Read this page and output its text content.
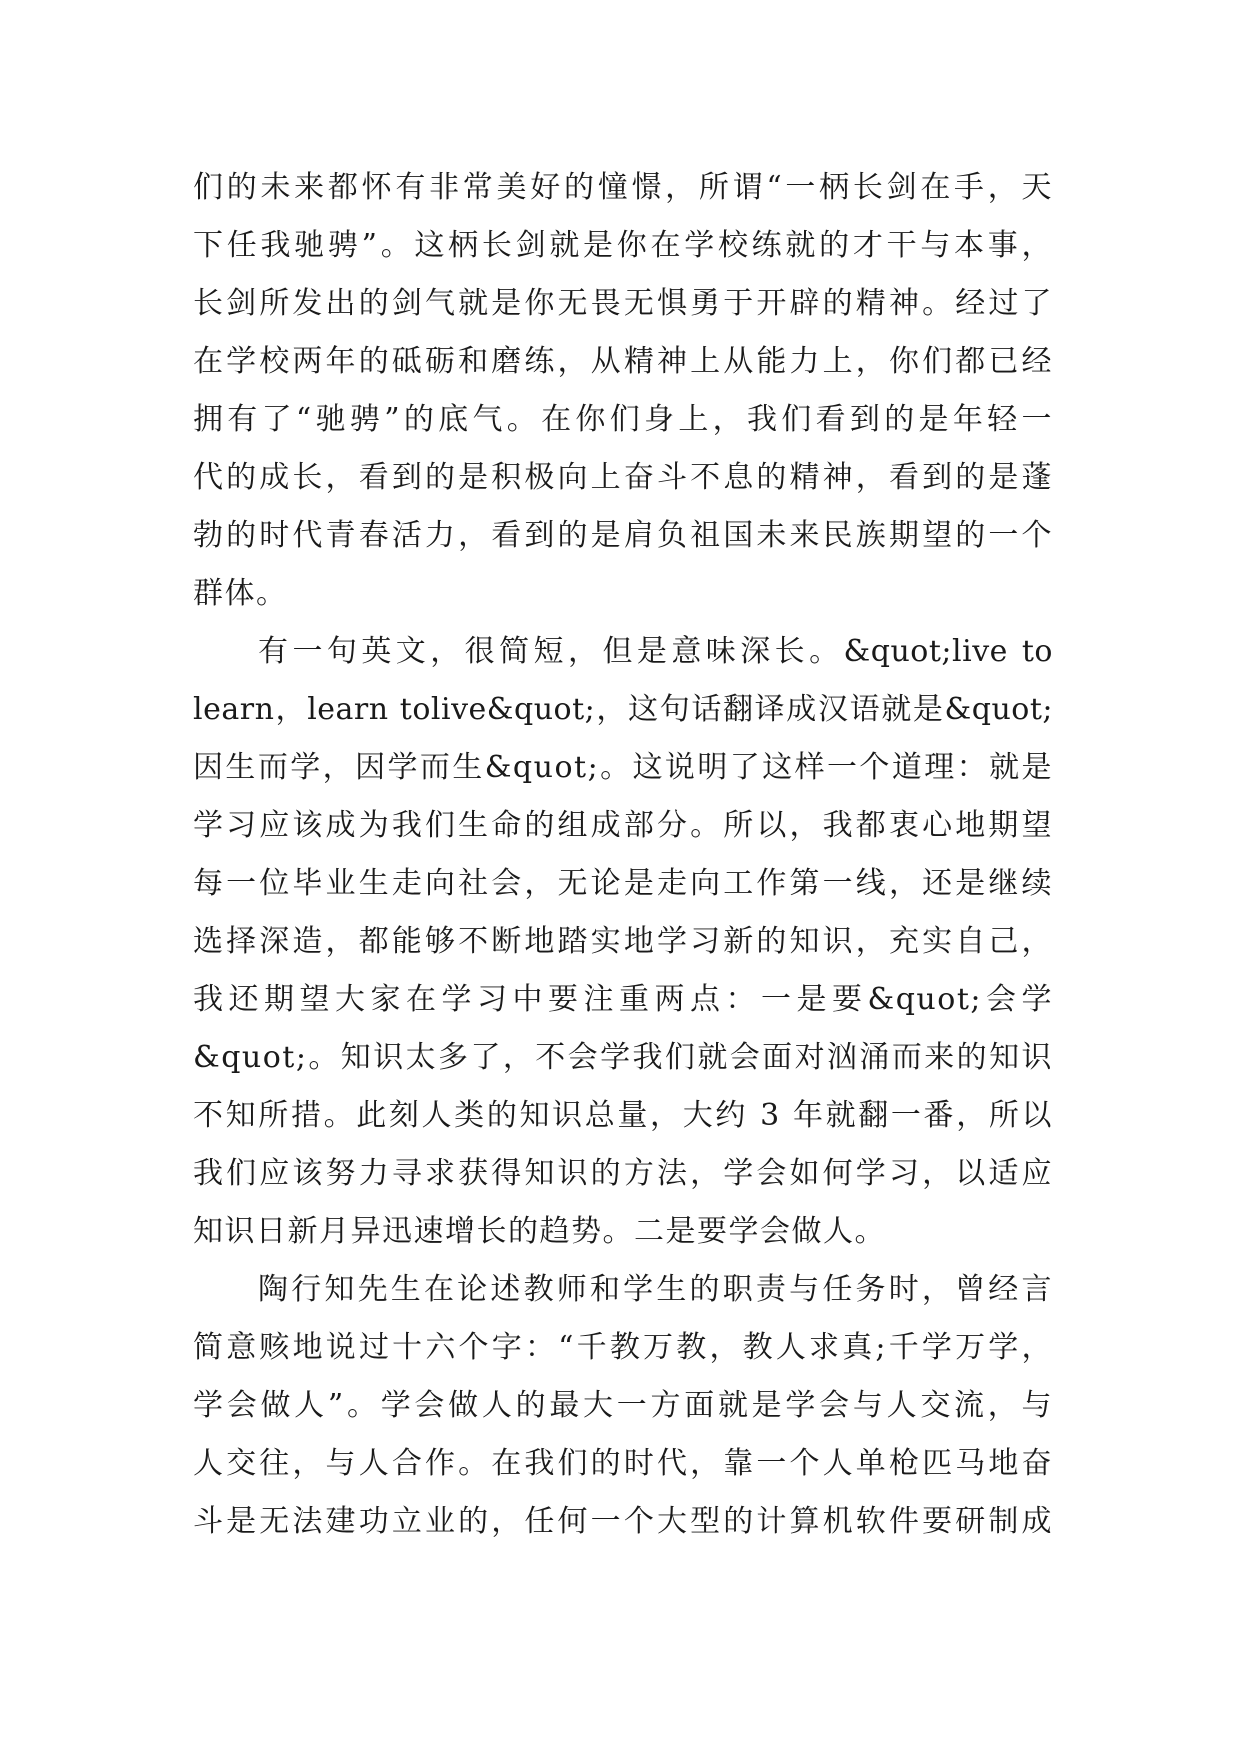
们的未来都怀有非常美好的憧憬，所谓“一柄长剑在手，天
下任我驰骋”。这柄长剑就是你在学校练就的才干与本事，
长剑所发出的剑气就是你无畏无惧勇于开辟的精神。经过了
在学校两年的砥砺和磨练，从精神上从能力上，你们都已经
拥有了“驰骋”的底气。在你们身上，我们看到的是年轻一
代的成长，看到的是积极向上奋斗不息的精神，看到的是蓬
勃的时代青春活力，看到的是肩负祖国未来民族期望的一个
群体。
有一句英文，很简短，但是意味深长。&quot;live to
learn，learn tolive&quot;，这句话翻译成汉语就是&quot;
因生而学，因学而生&quot;。这说明了这样一个道理：就是
学习应该成为我们生命的组成部分。所以，我都衷心地期望
每一位毕业生走向社会，无论是走向工作第一线，还是继续
选择深造，都能够不断地踏实地学习新的知识，充实自己，
我还期望大家在学习中要注重两点：一是要&quot;会学
&quot;。知识太多了，不会学我们就会面对汹涌而来的知识
不知所措。此刻人类的知识总量，大约 3 年就翻一番，所以
我们应该努力寻求获得知识的方法，学会如何学习，以适应
知识日新月异迅速增长的趋势。二是要学会做人。
陶行知先生在论述教师和学生的职责与任务时，曾经言
简意赅地说过十六个字：“千教万教，教人求真;千学万学，
学会做人”。学会做人的最大一方面就是学会与人交流，与
人交往，与人合作。在我们的时代，靠一个人单枪匹马地奋
斗是无法建功立业的，任何一个大型的计算机软件要研制成
